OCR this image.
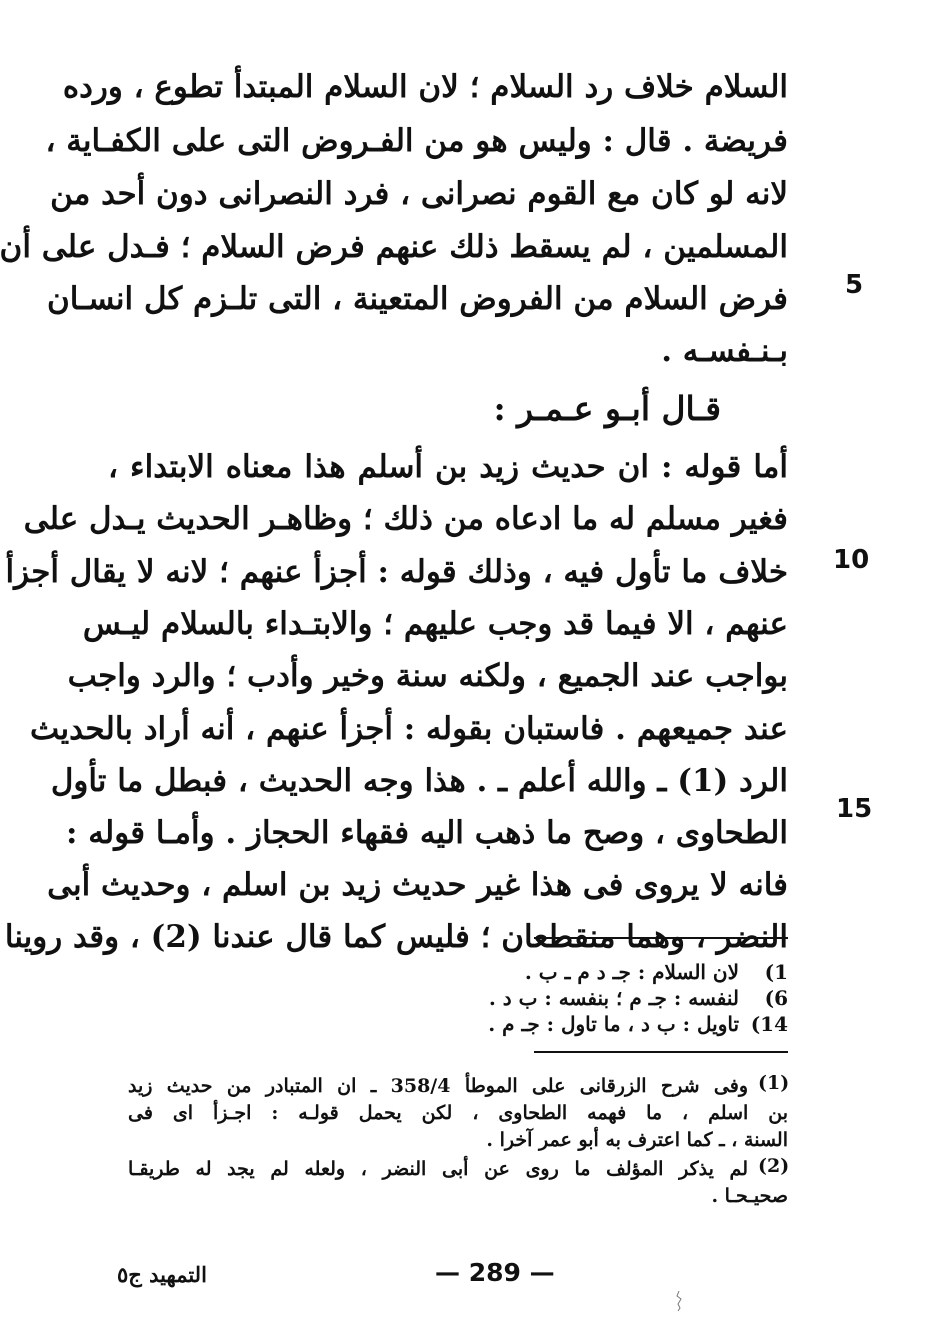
السلام خلاف رد السلام ؛ لان السلام المبتدأ تطوع ، ورده
فريضة . قال : وليس هو من الفـروض التى على الكفـاية ،
لانه لو كان مع القوم نصرانى ، فرد النصرانى دون أحد من
المسلمين ، لم يسقط ذلك عنهم فرض السلام ؛ فـدل على أن
فرض السلام من الفروض المتعينة ، التى تلـزم كل انسـان
بـنـفسـه .
قـال أبـو عـمـر :
أما قوله : ان حديث زيد بن أسلم هذا معناه الابتداء ،
فغير مسلم له ما ادعاه من ذلك ؛ وظاهـر الحديث يـدل على
خلاف ما تأول فيه ، وذلك قوله : أجزأ عنهم ؛ لانه لا يقال أجزأ
عنهم ، الا فيما قد وجب عليهم ؛ والابتـداء بالسلام ليـس
بواجب عند الجميع ، ولكنه سنة وخير وأدب ؛ والرد واجب
عند جميعهم . فاستبان بقوله : أجزأ عنهم ، أنه أراد بالحديث
الرد (1) ـ والله أعلم ـ . هذا وجه الحديث ، فبطل ما تأول
الطحاوى ، وصح ما ذهب اليه فقهاء الحجاز . وأمـا قوله :
فانه لا يروى فى هذا غير حديث زيد بن اسلم ، وحديث أبى
النضر ، وهما منقطعان ؛ فليس كما قال عندنا (2) ، وقد روينا
5
10
15
1) لان السلام : جـ د م ـ ب .
6) لنفسه : جـ م ؛ بنفسه : ب د .
14) تاويل : ب د ، ما تاول : جـ م .
(1)
وفى شرح الزرقانى على الموطأ 358/4 ـ ان المتبادر من حديث زيد
بن اسلم ، ما فهمه الطحاوى ، لكن يحمل قولـه : اجـزأ اى فى
السنة ، ـ كما اعترف به أبو عمر آخرا .
(2)
لم يذكر المؤلف ما روى عن أبى النضر ، ولعله لم يجد له طريقـا
صحيـحـا .
— 289 —
التمهيد ج٥
